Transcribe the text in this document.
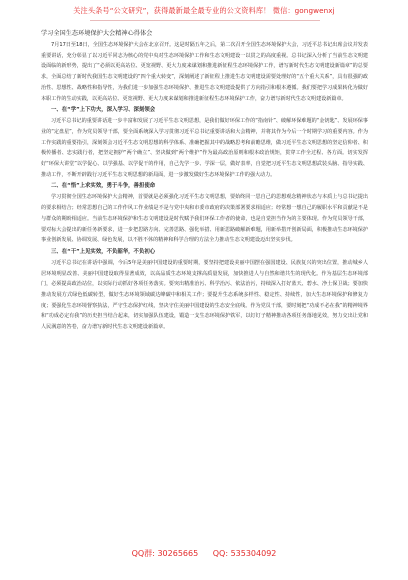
关注头条号“公文研究”，获得最新最全最专业的公文资料库！ 微信：gongwenxj
学习全国生态环境保护大会精神心得体会

7月17日至18日，全国生态环境保护大会在北京召开。这是时隔五年之后，第二次召开全国生态环境保护大会，习近平总书记出席会议并发表重要讲话，充分彰显了以习近平同志为核心的党中央对生态环境保护工作和生态文明建设一以贯之的高度重视。总书记深入分析了当前生态文明建设面临的新形势，提出了“必须以更高站位、更宽视野、更大力度来谋划和推进新征程生态环境保护工作，谱写新时代生态文明建设新篇章”的总要求，全面总结了新时代我国生态文明建设的“四个重大转变”，深刻阐述了新征程上推进生态文明建设需要处理好的“五个重大关系”，具有很强的政治性、思想性、战略性和指导性，为我们进一步加强生态环境保护、推进生态文明建设提供了方向指引和根本遵循。我们要把学习成果转化为做好本职工作的生动实践，以更高站位、更宽视野、更大力度来谋划和推进新征程生态环境保护工作，奋力谱写新时代生态文明建设新篇章。

一、在“学”上下功夫，深入学习、深刻领会

习近平总书记的重要讲话进一步丰富和发展了习近平生态文明思想，是我们做好环保工作的“指南针”、破解环保难题的“金钥匙”、发展环保事业的“定盘星”，作为党员领导干部，要全面系统深入学习贯彻习近平总书记重要讲话和大会精神，并将其作为今后一个时期学习的重要内容。作为工作实践的重要指引，深刻领会习近平生态文明思想的科学体系、准确把握其中的战略思考和前瞻思维，做习近平生态文明思想的坚定信仰者、积极传播者、忠实践行者，把坚定拥护“两个确立”、坚决做到“两个维护”作为最高政治原则和根本政治规矩，贯穿工作全过程、各方面。切实发挥好“环保大讲堂”以学促心、以学强基、以学促干的作用，自己先学一步、学深一层，做好表率，自觉把习近平生态文明思想武装头脑、指导实践、推动工作，不断开辟践行习近平生态文明思想的新局面，进一步激发做好生态环境保护工作的强大动力。

二、在“悟”上求实效，勇于斗争，善担使命

学习贯彻全国生态环境保护大会精神，首要就是必须强化习近平生态文明思想，要始终同一思自己的思想观念精神状态与本质上与总书记提出的要求相结合；经常思想自己的工作作风工作业绩是不是与党中央和市委市政府的决策部署要求相适应；经常想一想自己的履职水平和贡献是不是与群众的期盼相适应。当前生态环境保护和生态文明建设是时代赋予我们环保工作者的使命，也是自觉担当作为的主要体现。作为党员领导干部，要对标大会提出的新任务新要求，进一步把思路方向、完善思路、强化举措、用新思路破解新难题，用新举措开创新局面，积极推动生态环境保护事业创新发展、协调发展、绿色发展，以不胜不休的精神和科学合理的方法全力推动生态文明建设迈出坚实步伐。

三、在“干”上见实效，不负韶华，不负初心

习近平总书记在讲话中强调，今后5年是美丽中国建设的重要时期，要坚持把建设美丽中国摆在强国建设、民族复兴的突出位置，推动城乡人居环境明显改善、美丽中国建设取得显著成效，以高品质生态环境支撑高质量发展，加快推进人与自然和谐共生的现代化。作为基层生态环境部门，必须提高政治站位，以实际行动抓好各项任务落实。要突出精准治污、科学治污、依法治污，持续深入打好蓝天、碧水、净土保卫战；要加快推动发展方式绿色低碳转型，做好生态环境领域碳达峰碳中和相关工作；要提升生态系统多样性、稳定性、持续性，加大生态环境保护和修复力度；要强化生态环境督察执法，严守生态保护红线，坚决守住美丽中国建设的生态安全底线。作为党员干部，要时刻把“功成不必在我”的精神境界和“功成必定有我”的历史担当结合起来，切实加强队伍建设，锻造一支生态环境保护铁军，以钉钉子精神推动各项任务落地见效，努力交出让党和人民满意的答卷，奋力谱写新时代生态文明建设新篇章。

QQ群: 30265665 QQ: 535304092
